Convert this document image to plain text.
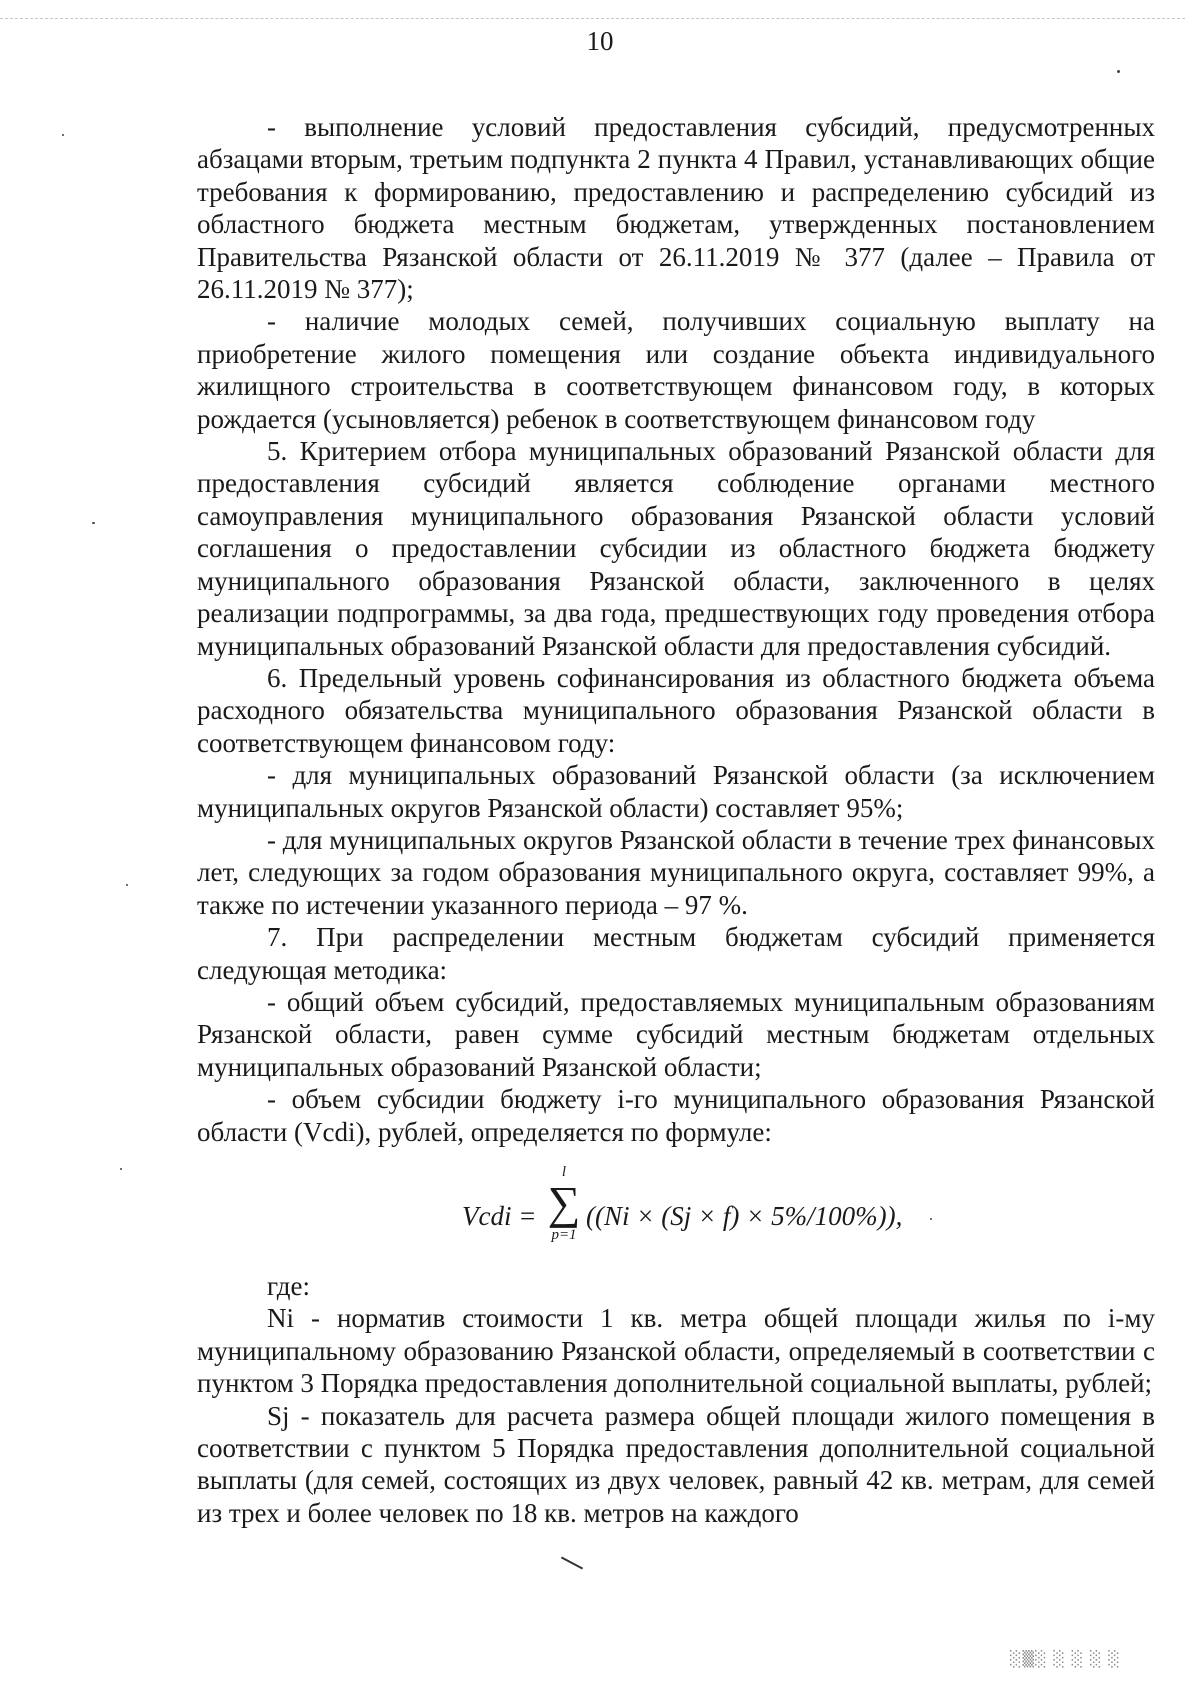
10

- выполнение условий предоставления субсидий, предусмотренных абзацами вторым, третьим подпункта 2 пункта 4 Правил, устанавливающих общие требования к формированию, предоставлению и распределению субсидий из областного бюджета местным бюджетам, утвержденных постановлением Правительства Рязанской области от 26.11.2019 № 377 (далее – Правила от 26.11.2019 № 377);

- наличие молодых семей, получивших социальную выплату на приобретение жилого помещения или создание объекта индивидуального жилищного строительства в соответствующем финансовом году, в которых рождается (усыновляется) ребенок в соответствующем финансовом году

5. Критерием отбора муниципальных образований Рязанской области для предоставления субсидий является соблюдение органами местного самоуправления муниципального образования Рязанской области условий соглашения о предоставлении субсидии из областного бюджета бюджету муниципального образования Рязанской области, заключенного в целях реализации подпрограммы, за два года, предшествующих году проведения отбора муниципальных образований Рязанской области для предоставления субсидий.

6. Предельный уровень софинансирования из областного бюджета объема расходного обязательства муниципального образования Рязанской области в соответствующем финансовом году:

- для муниципальных образований Рязанской области (за исключением муниципальных округов Рязанской области) составляет 95%;

- для муниципальных округов Рязанской области в течение трех финансовых лет, следующих за годом образования муниципального округа, составляет 99%, а также по истечении указанного периода – 97 %.

7. При распределении местным бюджетам субсидий применяется следующая методика:

- общий объем субсидий, предоставляемых муниципальным образованиям Рязанской области, равен сумме субсидий местным бюджетам отдельных муниципальных образований Рязанской области;

- объем субсидии бюджету i-го муниципального образования Рязанской области (Vcdi), рублей, определяется по формуле:

Vcdi =
l
∑
p=1
((Ni × (Sj × f) × 5%/100%)),

где:

Ni - норматив стоимости 1 кв. метра общей площади жилья по i-му муниципальному образованию Рязанской области, определяемый в соответствии с пунктом 3 Порядка предоставления дополнительной социальной выплаты, рублей;

Sj - показатель для расчета размера общей площади жилого помещения в соответствии с пунктом 5 Порядка предоставления дополнительной социальной выплаты (для семей, состоящих из двух человек, равный 42 кв. метрам, для семей из трех и более человек по 18 кв. метров на каждого

░▒░ ░ ░ ░ ░
